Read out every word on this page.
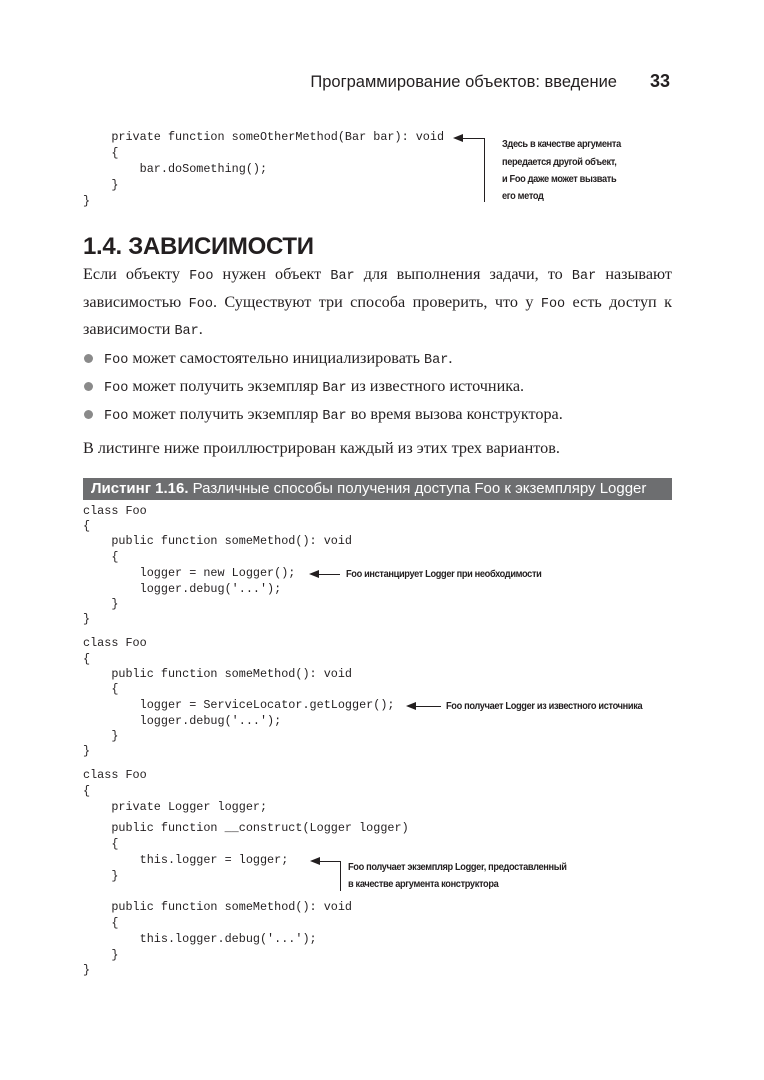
Программирование объектов: введение 33
private function someOtherMethod(Bar bar): void
{
bar.doSomething();
}
}
Здесь в качестве аргумента
передается другой объект,
и Foo даже может вызвать
его метод
1.4. ЗАВИСИМОСТИ
Если объекту Foo нужен объект Bar для выполнения задачи, то Bar называют зависимостью Foo. Существуют три способа проверить, что у Foo есть доступ к зависимости Bar.
Foo может самостоятельно инициализировать Bar.
Foo может получить экземпляр Bar из известного источника.
Foo может получить экземпляр Bar во время вызова конструктора.
В листинге ниже проиллюстрирован каждый из этих трех вариантов.
Листинг 1.16. Различные способы получения доступа Foo к экземпляру Logger
class Foo
{
public function someMethod(): void
{
logger = new Logger();
logger.debug('...');
}
}
class Foo
{
public function someMethod(): void
{
logger = ServiceLocator.getLogger();
logger.debug('...');
}
}
class Foo
{
private Logger logger;
public function __construct(Logger logger)
{
this.logger = logger;
}
public function someMethod(): void
{
this.logger.debug('...');
}
}
Foo инстанцирует Logger при необходимости
Foo получает Logger из известного источника
Foo получает экземпляр Logger, предоставленный
в качестве аргумента конструктора
